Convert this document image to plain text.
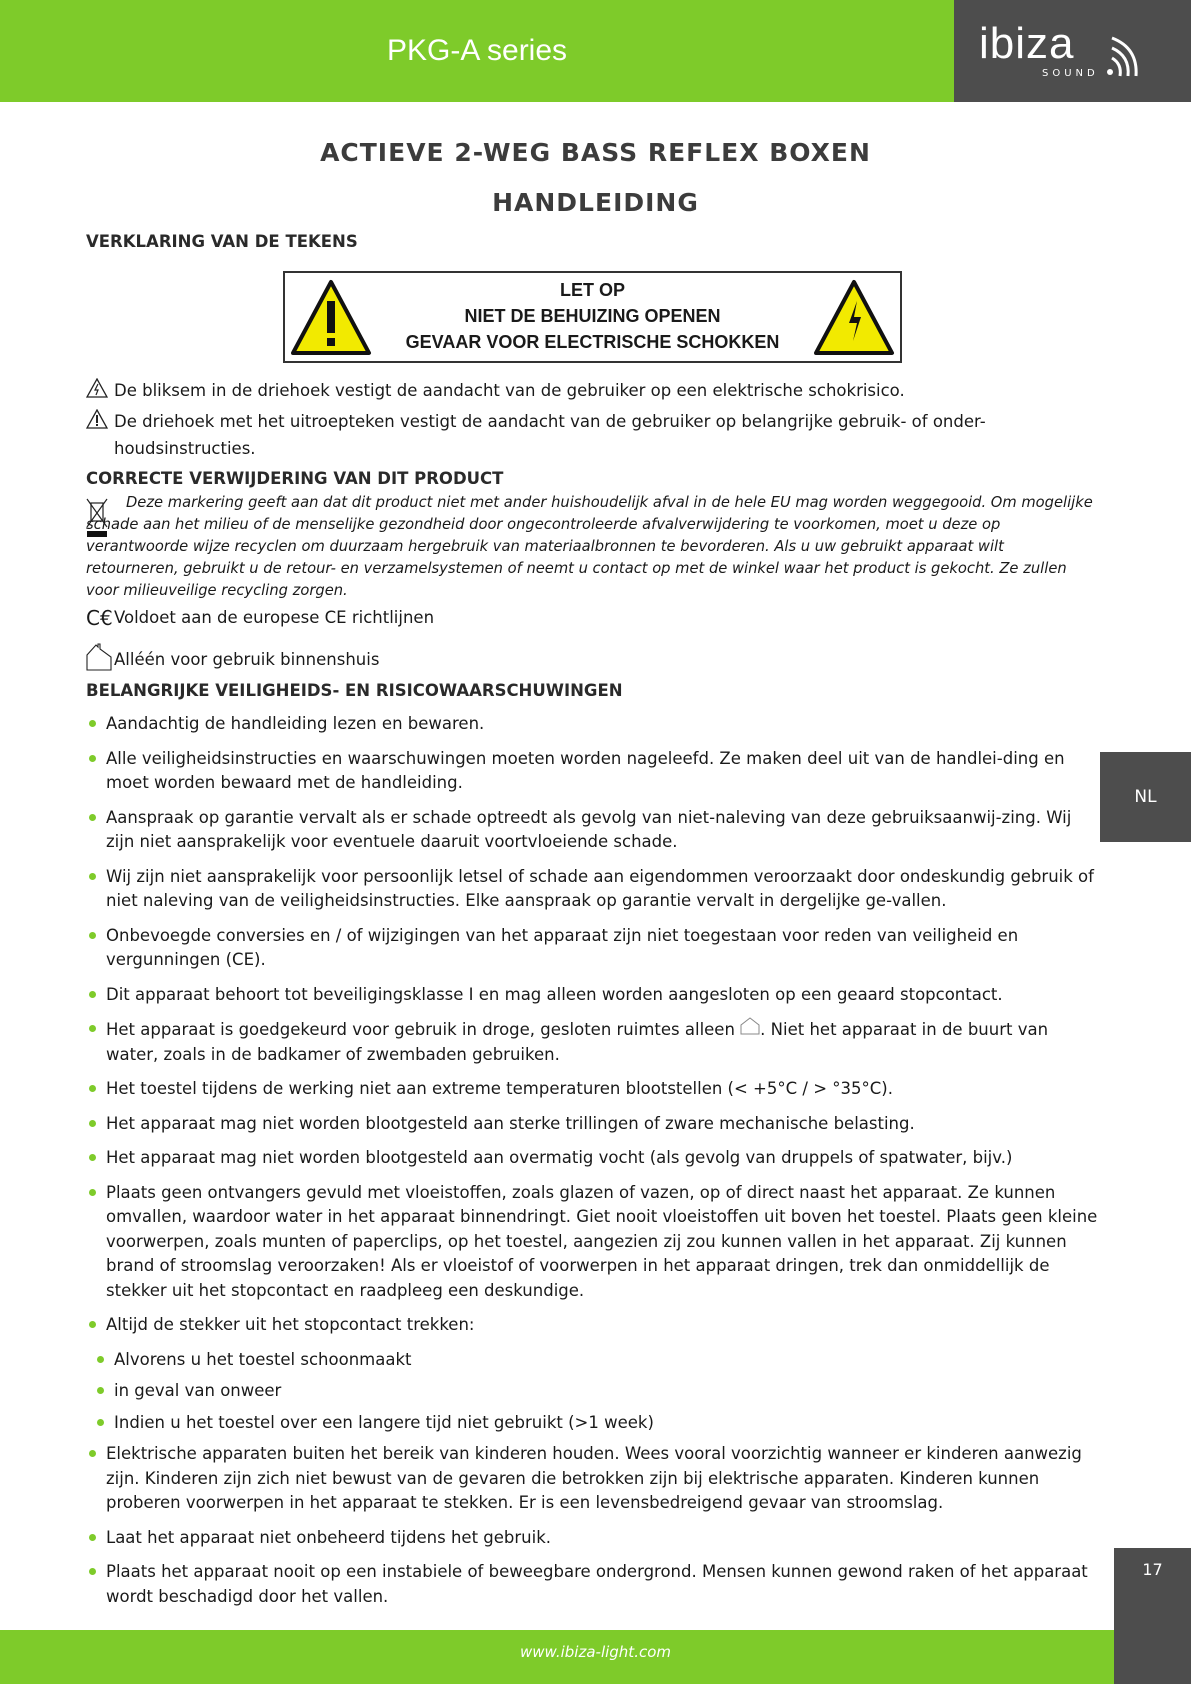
PKG-A series	ibiza
SOUND
ACTIEVE 2-WEG BASS REFLEX BOXEN
HANDLEIDING
VERKLARING VAN DE TEKENS
LET OP
NIET DE BEHUIZING OPENEN
GEVAAR VOOR ELECTRISCHE SCHOKKEN
De bliksem in de driehoek vestigt de aandacht van de gebruiker op een elektrische schokrisico.
De driehoek met het uitroepteken vestigt de aandacht van de gebruiker op belangrijke gebruik- of onder-houdsinstructies.
CORRECTE VERWIJDERING VAN DIT PRODUCT
Deze markering geeft aan dat dit product niet met ander huishoudelijk afval in de hele EU mag worden weggegooid. Om mogelijke schade aan het milieu of de menselijke gezondheid door ongecontroleerde afvalverwijdering te voorkomen, moet u deze op verantwoorde wijze recyclen om duurzaam hergebruik van materiaalbronnen te bevorderen. Als u uw gebruikt apparaat wilt retourneren, gebruikt u de retour- en verzamelsystemen of neemt u contact op met de winkel waar het product is gekocht. Ze zullen voor milieuveilige recycling zorgen.
C€Voldoet aan de europese CE richtlijnen
Alléén voor gebruik binnenshuis
BELANGRIJKE VEILIGHEIDS- EN RISICOWAARSCHUWINGEN
Aandachtig de handleiding lezen en bewaren.
Alle veiligheidsinstructies en waarschuwingen moeten worden nageleefd. Ze maken deel uit van de handlei-ding en moet worden bewaard met de handleiding.
Aanspraak op garantie vervalt als er schade optreedt als gevolg van niet-naleving van deze gebruiksaanwij-zing. Wij zijn niet aansprakelijk voor eventuele daaruit voortvloeiende schade.
Wij zijn niet aansprakelijk voor persoonlijk letsel of schade aan eigendommen veroorzaakt door ondeskundig gebruik of niet naleving van de veiligheidsinstructies. Elke aanspraak op garantie vervalt in dergelijke ge-vallen.
Onbevoegde conversies en / of wijzigingen van het apparaat zijn niet toegestaan voor reden van veiligheid en vergunningen (CE).
Dit apparaat behoort tot beveiligingsklasse I en mag alleen worden aangesloten op een geaard stopcontact.
Het apparaat is goedgekeurd voor gebruik in droge, gesloten ruimtes alleen . Niet het apparaat in de buurt van water, zoals in de badkamer of zwembaden gebruiken.
Het toestel tijdens de werking niet aan extreme temperaturen blootstellen (< +5°C / > °35°C).
Het apparaat mag niet worden blootgesteld aan sterke trillingen of zware mechanische belasting.
Het apparaat mag niet worden blootgesteld aan overmatig vocht (als gevolg van druppels of spatwater, bijv.)
Plaats geen ontvangers gevuld met vloeistoffen, zoals glazen of vazen, op of direct naast het apparaat. Ze kunnen omvallen, waardoor water in het apparaat binnendringt. Giet nooit vloeistoffen uit boven het toestel. Plaats geen kleine voorwerpen, zoals munten of paperclips, op het toestel, aangezien zij zou kunnen vallen in het apparaat. Zij kunnen brand of stroomslag veroorzaken! Als er vloeistof of voorwerpen in het apparaat dringen, trek dan onmiddellijk de stekker uit het stopcontact en raadpleeg een deskundige.
Altijd de stekker uit het stopcontact trekken:
Alvorens u het toestel schoonmaakt
in geval van onweer
Indien u het toestel over een langere tijd niet gebruikt (>1 week)
Elektrische apparaten buiten het bereik van kinderen houden. Wees vooral voorzichtig wanneer er kinderen aanwezig zijn. Kinderen zijn zich niet bewust van de gevaren die betrokken zijn bij elektrische apparaten. Kinderen kunnen proberen voorwerpen in het apparaat te stekken. Er is een levensbedreigend gevaar van stroomslag.
Laat het apparaat niet onbeheerd tijdens het gebruik.
Plaats het apparaat nooit op een instabiele of beweegbare ondergrond. Mensen kunnen gewond raken of het apparaat wordt beschadigd door het vallen.
NL
17
www.ibiza-light.com
